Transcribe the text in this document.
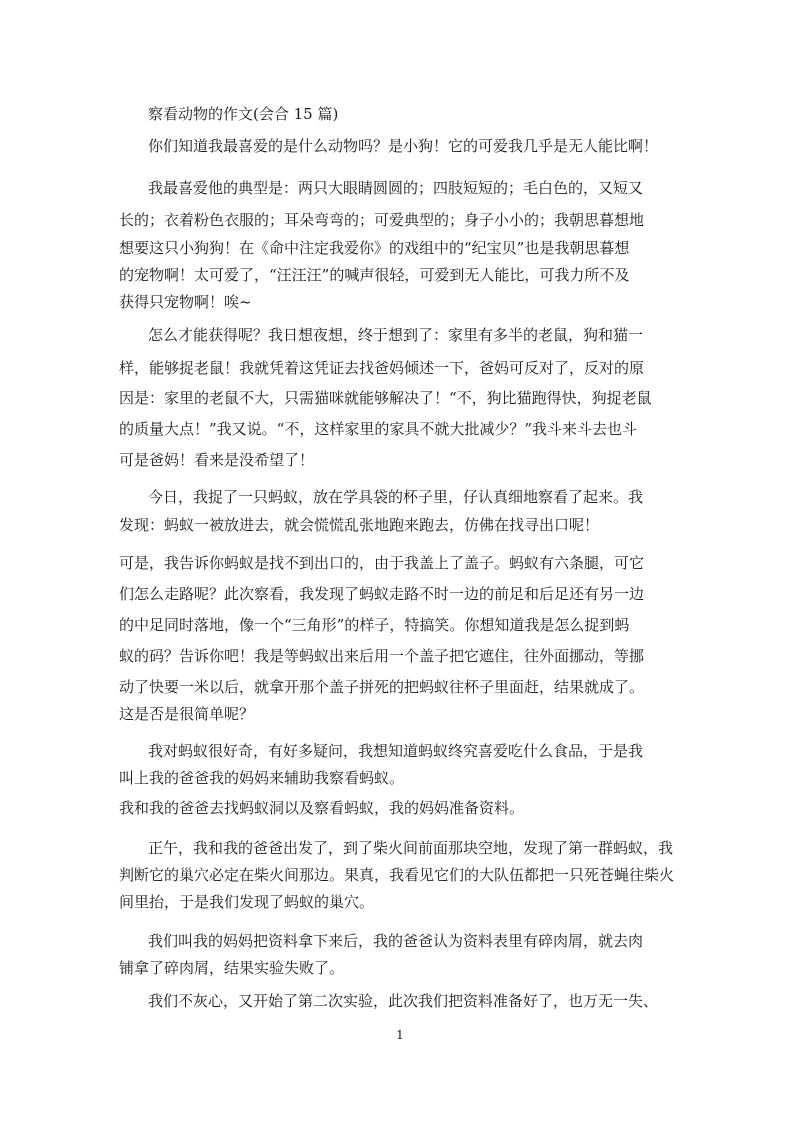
察看动物的作文(会合 15 篇)
你们知道我最喜爱的是什么动物吗？是小狗！它的可爱我几乎是无人能比啊！
我最喜爱他的典型是：两只大眼睛圆圆的；四肢短短的；毛白色的，又短又
长的；衣着粉色衣服的；耳朵弯弯的；可爱典型的；身子小小的；我朝思暮想地
想要这只小狗狗！在《命中注定我爱你》的戏组中的“纪宝贝”也是我朝思暮想
的宠物啊！太可爱了，“汪汪汪”的喊声很轻，可爱到无人能比，可我力所不及
获得只宠物啊！唉~
怎么才能获得呢？我日想夜想，终于想到了：家里有多半的老鼠，狗和猫一
样，能够捉老鼠！我就凭着这凭证去找爸妈倾述一下，爸妈可反对了，反对的原
因是：家里的老鼠不大，只需猫咪就能够解决了！“不，狗比猫跑得快，狗捉老鼠
的质量大点！”我又说。“不，这样家里的家具不就大批减少？”我斗来斗去也斗
可是爸妈！看来是没希望了！
今日，我捉了一只蚂蚁，放在学具袋的杯子里，仔认真细地察看了起来。我
发现：蚂蚁一被放进去，就会慌慌乱张地跑来跑去，仿佛在找寻出口呢！
可是，我告诉你蚂蚁是找不到出口的，由于我盖上了盖子。蚂蚁有六条腿，可它
们怎么走路呢？此次察看，我发现了蚂蚁走路不时一边的前足和后足还有另一边
的中足同时落地，像一个“三角形”的样子，特搞笑。你想知道我是怎么捉到蚂
蚁的码？告诉你吧！我是等蚂蚁出来后用一个盖子把它遮住，往外面挪动，等挪
动了快要一米以后，就拿开那个盖子拼死的把蚂蚁往杯子里面赶，结果就成了。
这是否是很简单呢？
我对蚂蚁很好奇，有好多疑问，我想知道蚂蚁终究喜爱吃什么食品，于是我
叫上我的爸爸我的妈妈来辅助我察看蚂蚁。
我和我的爸爸去找蚂蚁洞以及察看蚂蚁，我的妈妈准备资料。
正午，我和我的爸爸出发了，到了柴火间前面那块空地，发现了第一群蚂蚁，我
判断它的巢穴必定在柴火间那边。果真，我看见它们的大队伍都把一只死苍蝇往柴火
间里抬，于是我们发现了蚂蚁的巢穴。
我们叫我的妈妈把资料拿下来后，我的爸爸认为资料表里有碎肉屑，就去肉
铺拿了碎肉屑，结果实验失败了。
我们不灰心，又开始了第二次实验，此次我们把资料准备好了，也万无一失、
1
